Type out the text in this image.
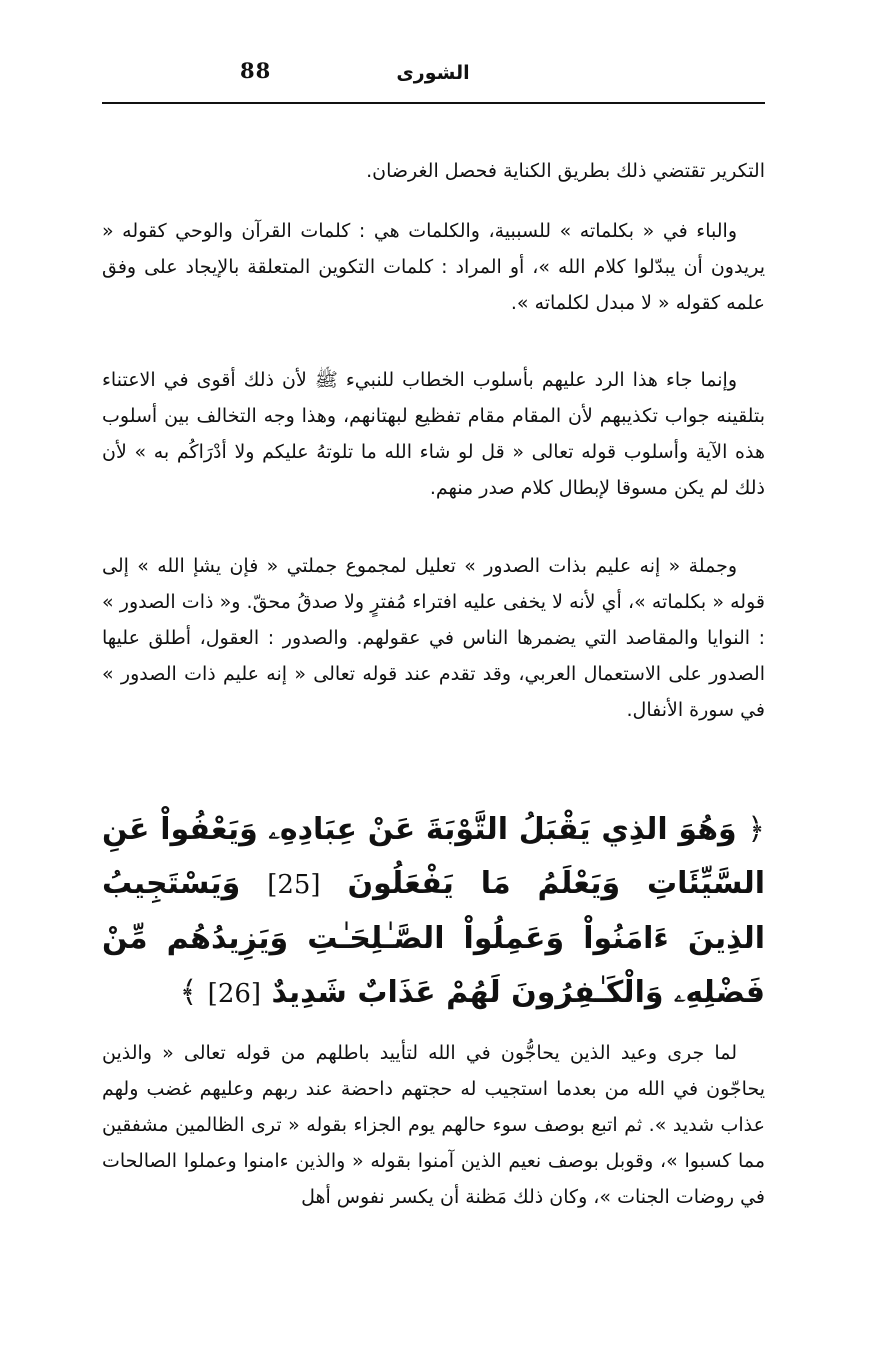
88	الشورى

التكرير تقتضي ذلك بطريق الكناية فحصل الغرضان.

والباء في « بكلماته » للسببية، والكلمات هي : كلمات القرآن والوحي كقوله « يريدون أن يبدّلوا كلام الله »، أو المراد : كلمات التكوين المتعلقة بالإيجاد على وفق علمه كقوله « لا مبدل لكلماته ».

وإنما جاء هذا الرد عليهم بأسلوب الخطاب للنبيء ﷺ لأن ذلك أقوى في الاعتناء بتلقينه جواب تكذيبهم لأن المقام مقام تفظيع لبهتانهم، وهذا وجه التخالف بين أسلوب هذه الآية وأسلوب قوله تعالى « قل لو شاء الله ما تلوتهُ عليكم ولا أدْرَاكُم به » لأن ذلك لم يكن مسوقا لإبطال كلام صدر منهم.

وجملة « إنه عليم بذات الصدور » تعليل لمجموع جملتي « فإن يشإ الله » إلى قوله « بكلماته »، أي لأنه لا يخفى عليه افتراء مُفترٍ ولا صدقُ محقّ. و« ذات الصدور » : النوايا والمقاصد التي يضمرها الناس في عقولهم. والصدور : العقول، أطلق عليها الصدور على الاستعمال العربي، وقد تقدم عند قوله تعالى « إنه عليم ذات الصدور » في سورة الأنفال.

﴿ وَهُوَ الذِي يَقْبَلُ التَّوْبَةَ عَنْ عِبَادِهِۦ وَيَعْفُواْ عَنِ السَّيِّئَاتِ وَيَعْلَمُ مَا يَفْعَلُونَ [25] وَيَسْتَجِيبُ الذِينَ ءَامَنُواْ وَعَمِلُواْ الصَّـٰلِحَـٰتِ وَيَزِيدُهُم مِّنْ فَضْلِهِۦ وَالْكَـٰفِرُونَ لَهُمْ عَذَابٌ شَدِيدٌ [26] ﴾

لما جرى وعيد الذين يحاجُّون في الله لتأييد باطلهم من قوله تعالى « والذين يحاجّون في الله من بعدما استجيب له حجتهم داحضة عند ربهم وعليهم غضب ولهم عذاب شديد ». ثم اتبع بوصف سوء حالهم يوم الجزاء بقوله « ترى الظالمين مشفقين مما كسبوا »، وقوبل بوصف نعيم الذين آمنوا بقوله « والذين ءامنوا وعملوا الصالحات في روضات الجنات »، وكان ذلك مَظنة أن يكسر نفوس أهل
